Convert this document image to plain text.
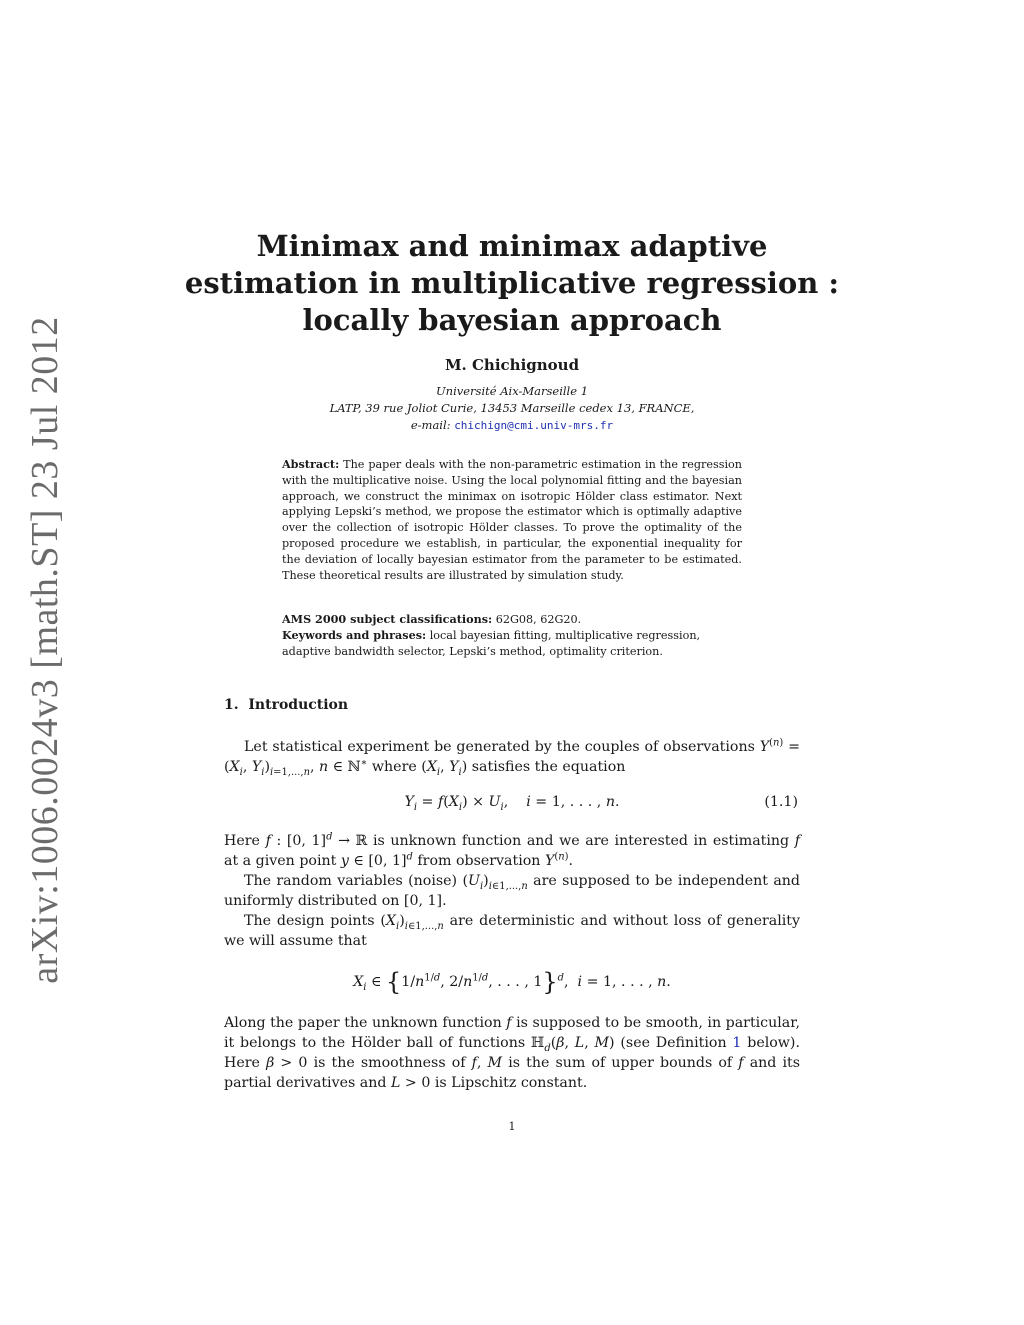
arXiv:1006.0024v3 [math.ST] 23 Jul 2012
Minimax and minimax adaptive
estimation in multiplicative regression :
locally bayesian approach
M. Chichignoud
Université Aix-Marseille 1
LATP, 39 rue Joliot Curie, 13453 Marseille cedex 13, FRANCE,
e-mail: chichign@cmi.univ-mrs.fr
Abstract: The paper deals with the non-parametric estimation in the regression with the multiplicative noise. Using the local polynomial fitting and the bayesian approach, we construct the minimax on isotropic Hölder class estimator. Next applying Lepski’s method, we propose the estimator which is optimally adaptive over the collection of isotropic Hölder classes. To prove the optimality of the proposed procedure we establish, in particular, the exponential inequality for the deviation of locally bayesian estimator from the parameter to be estimated. These theoretical results are illustrated by simulation study.
AMS 2000 subject classifications: 62G08, 62G20.
Keywords and phrases: local bayesian fitting, multiplicative regression,
adaptive bandwidth selector, Lepski’s method, optimality criterion.
1. Introduction
Let statistical experiment be generated by the couples of observations $Y^{(n)} = (X_i$, $Y_i)_{i=1,...,n}$, n ∈ ℕ∗ where ($X_i$, $Y_i$) satisfies the equation
$Y_i = f(X_i) \times U_i$,    i = 1, . . . , n.	(1.1)
Here f : [0, 1]$^d$ → ℝ is unknown function and we are interested in estimating f at a given point y ∈ [0, 1]$^d$ from observation $Y^{(n)}$.
The random variables (noise) $(U_i)_{i\in 1,...,n}$ are supposed to be independent and uniformly distributed on [0, 1].
The design points $(X_i)_{i\in 1,...,n}$ are deterministic and without loss of generality we will assume that
$X_i$ ∈ {$1/n^{1/d}$, $2/n^{1/d}$, . . . , 1}$^d$,  i = 1, . . . , n.
Along the paper the unknown function f is supposed to be smooth, in particular, it belongs to the Hölder ball of functions ℍ$_d$(β, L, M) (see Definition 1 below). Here β > 0 is the smoothness of f, M is the sum of upper bounds of f and its partial derivatives and L > 0 is Lipschitz constant.
1
